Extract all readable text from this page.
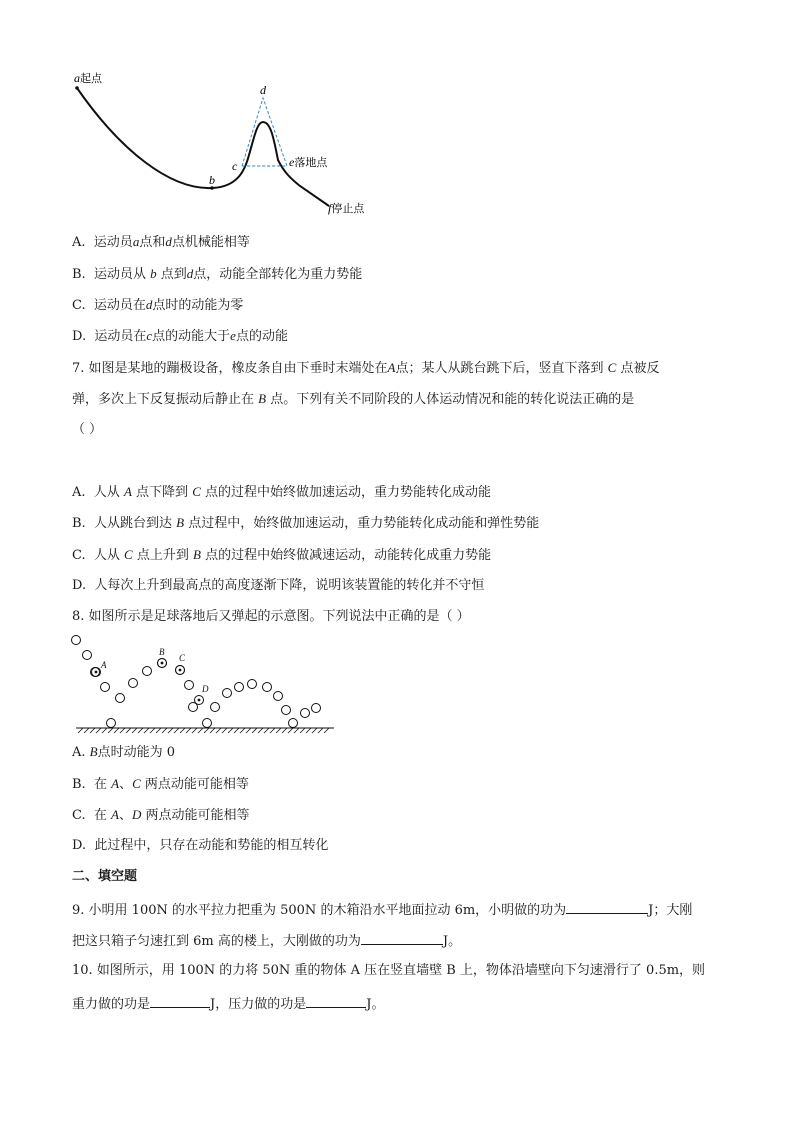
a起点
b
c
d
e落地点
f停止点
A. 运动员a点和d点机械能相等
B. 运动员从 b 点到d点，动能全部转化为重力势能
C. 运动员在d点时的动能为零
D. 运动员在c点的动能大于e点的动能
7. 如图是某地的蹦极设备，橡皮条自由下垂时末端处在A点；某人从跳台跳下后，竖直下落到 C 点被反
弹，多次上下反复振动后静止在 B 点。下列有关不同阶段的人体运动情况和能的转化说法正确的是
（ ）
A. 人从 A 点下降到 C 点的过程中始终做加速运动，重力势能转化成动能
B. 人从跳台到达 B 点过程中，始终做加速运动，重力势能转化成动能和弹性势能
C. 人从 C 点上升到 B 点的过程中始终做减速运动，动能转化成重力势能
D. 人每次上升到最高点的高度逐渐下降，说明该装置能的转化并不守恒
8. 如图所示是足球落地后又弹起的示意图。下列说法中正确的是（ ）
A
B
C
D
A. B点时动能为 0
B. 在 A、C 两点动能可能相等
C. 在 A、D 两点动能可能相等
D. 此过程中，只存在动能和势能的相互转化
二、填空题
9. 小明用 100N 的水平拉力把重为 500N 的木箱沿水平地面拉动 6m，小明做的功为	J；大刚
把这只箱子匀速扛到 6m 高的楼上，大刚做的功为	J。
10. 如图所示，用 100N 的力将 50N 重的物体 A 压在竖直墙壁 B 上，物体沿墙壁向下匀速滑行了 0.5m，则
重力做的功是	J，压力做的功是	J。
